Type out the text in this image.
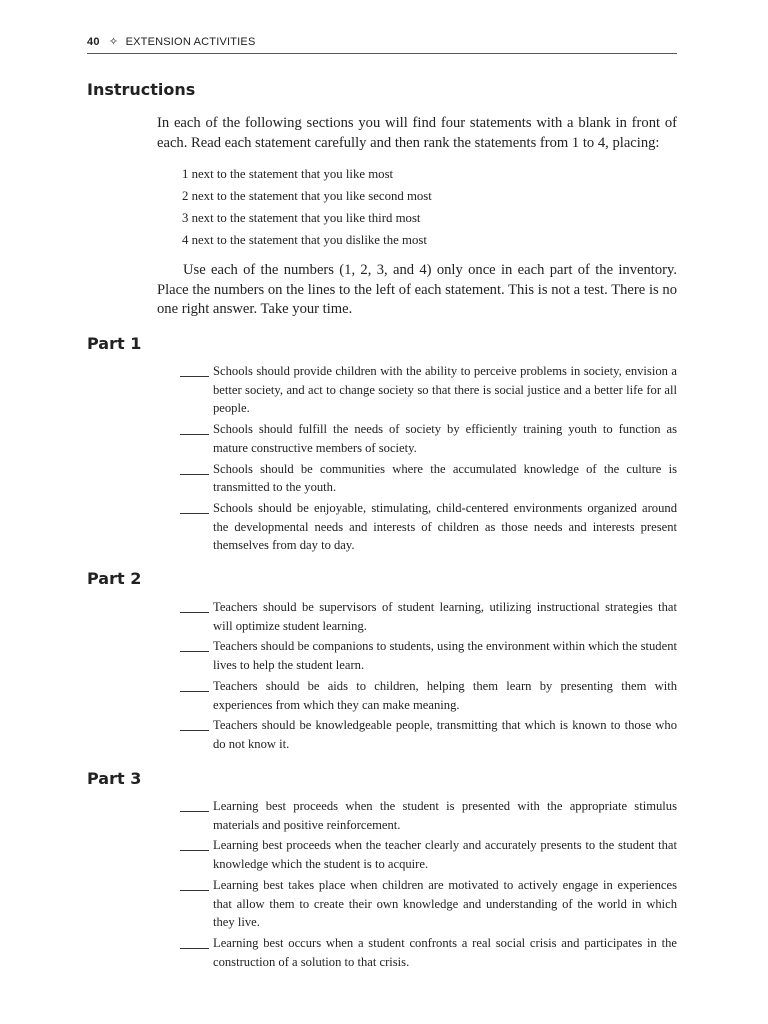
40 ✧ EXTENSION ACTIVITIES
Instructions

In each of the following sections you will find four statements with a blank in front of each. Read each statement carefully and then rank the statements from 1 to 4, placing:

1 next to the statement that you like most
2 next to the statement that you like second most
3 next to the statement that you like third most
4 next to the statement that you dislike the most

Use each of the numbers (1, 2, 3, and 4) only once in each part of the inventory. Place the numbers on the lines to the left of each statement. This is not a test. There is no one right answer. Take your time.

Part 1
Schools should provide children with the ability to perceive problems in society, envision a better society, and act to change society so that there is social justice and a better life for all people.
Schools should fulfill the needs of society by efficiently training youth to function as mature constructive members of society.
Schools should be communities where the accumulated knowledge of the culture is transmitted to the youth.
Schools should be enjoyable, stimulating, child-centered environments organized around the developmental needs and interests of children as those needs and interests present themselves from day to day.
Part 2
Teachers should be supervisors of student learning, utilizing instructional strategies that will optimize student learning.
Teachers should be companions to students, using the environment within which the student lives to help the student learn.
Teachers should be aids to children, helping them learn by presenting them with experiences from which they can make meaning.
Teachers should be knowledgeable people, transmitting that which is known to those who do not know it.
Part 3
Learning best proceeds when the student is presented with the appropriate stimulus materials and positive reinforcement.
Learning best proceeds when the teacher clearly and accurately presents to the student that knowledge which the student is to acquire.
Learning best takes place when children are motivated to actively engage in experiences that allow them to create their own knowledge and understanding of the world in which they live.
Learning best occurs when a student confronts a real social crisis and participates in the construction of a solution to that crisis.
